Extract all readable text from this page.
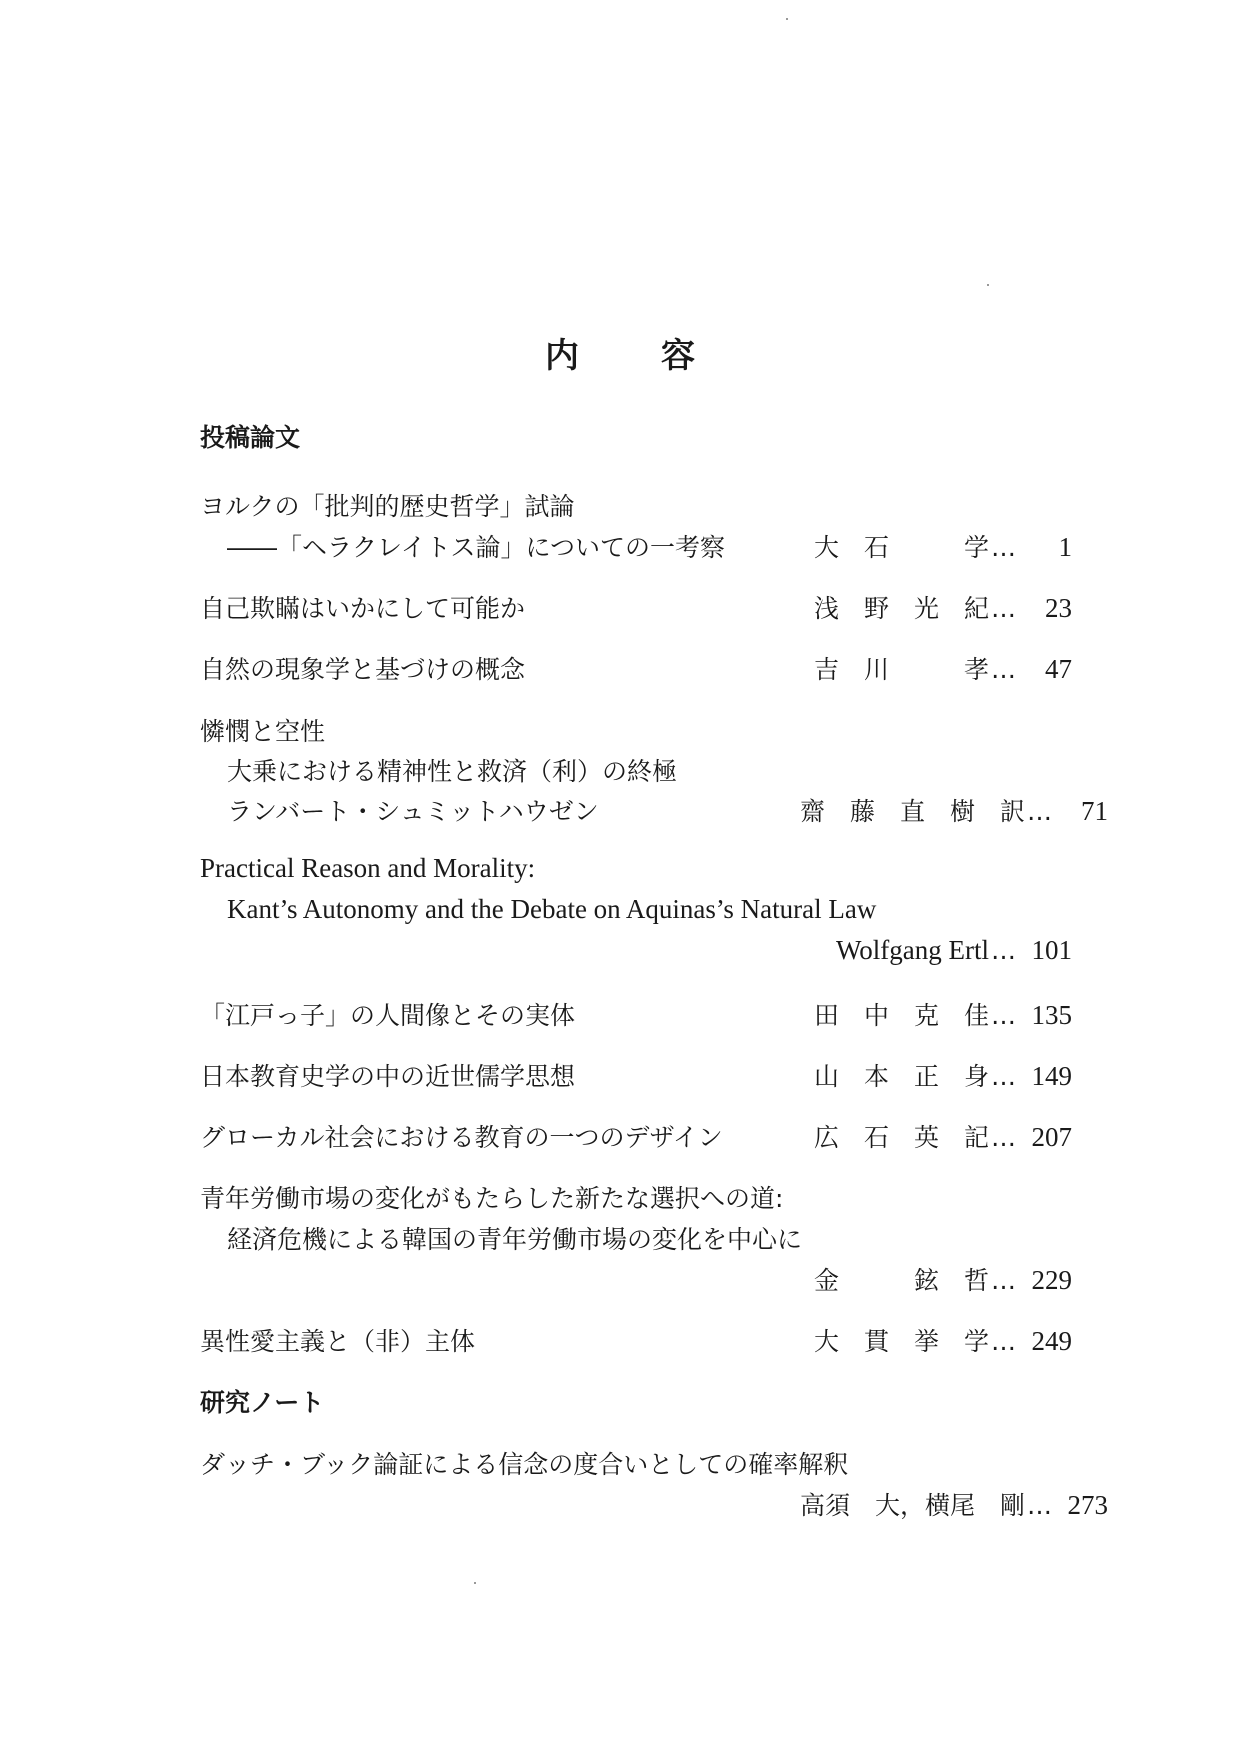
内 容
投稿論文
ヨルクの「批判的歴史哲学」試論
――「ヘラクレイトス論」についての一考察	大　石　　　学… 1
自己欺瞞はいかにして可能か	浅　野　光　紀… 23
自然の現象学と基づけの概念	吉　川　　　孝… 47
憐憫と空性
大乗における精神性と救済（利）の終極
ランバート・シュミットハウゼン	齋　藤　直　樹　訳… 71
Practical Reason and Morality:
Kant’s Autonomy and the Debate on Aquinas’s Natural Law
Wolfgang Ertl… 101
「江戸っ子」の人間像とその実体	田　中　克　佳… 135
日本教育史学の中の近世儒学思想	山　本　正　身… 149
グローカル社会における教育の一つのデザイン	広　石　英　記… 207
青年労働市場の変化がもたらした新たな選択への道:
経済危機による韓国の青年労働市場の変化を中心に
金　　　鉉　哲… 229
異性愛主義と（非）主体	大　貫　挙　学… 249
研究ノート
ダッチ・ブック論証による信念の度合いとしての確率解釈
高須　大，横尾　剛… 273
